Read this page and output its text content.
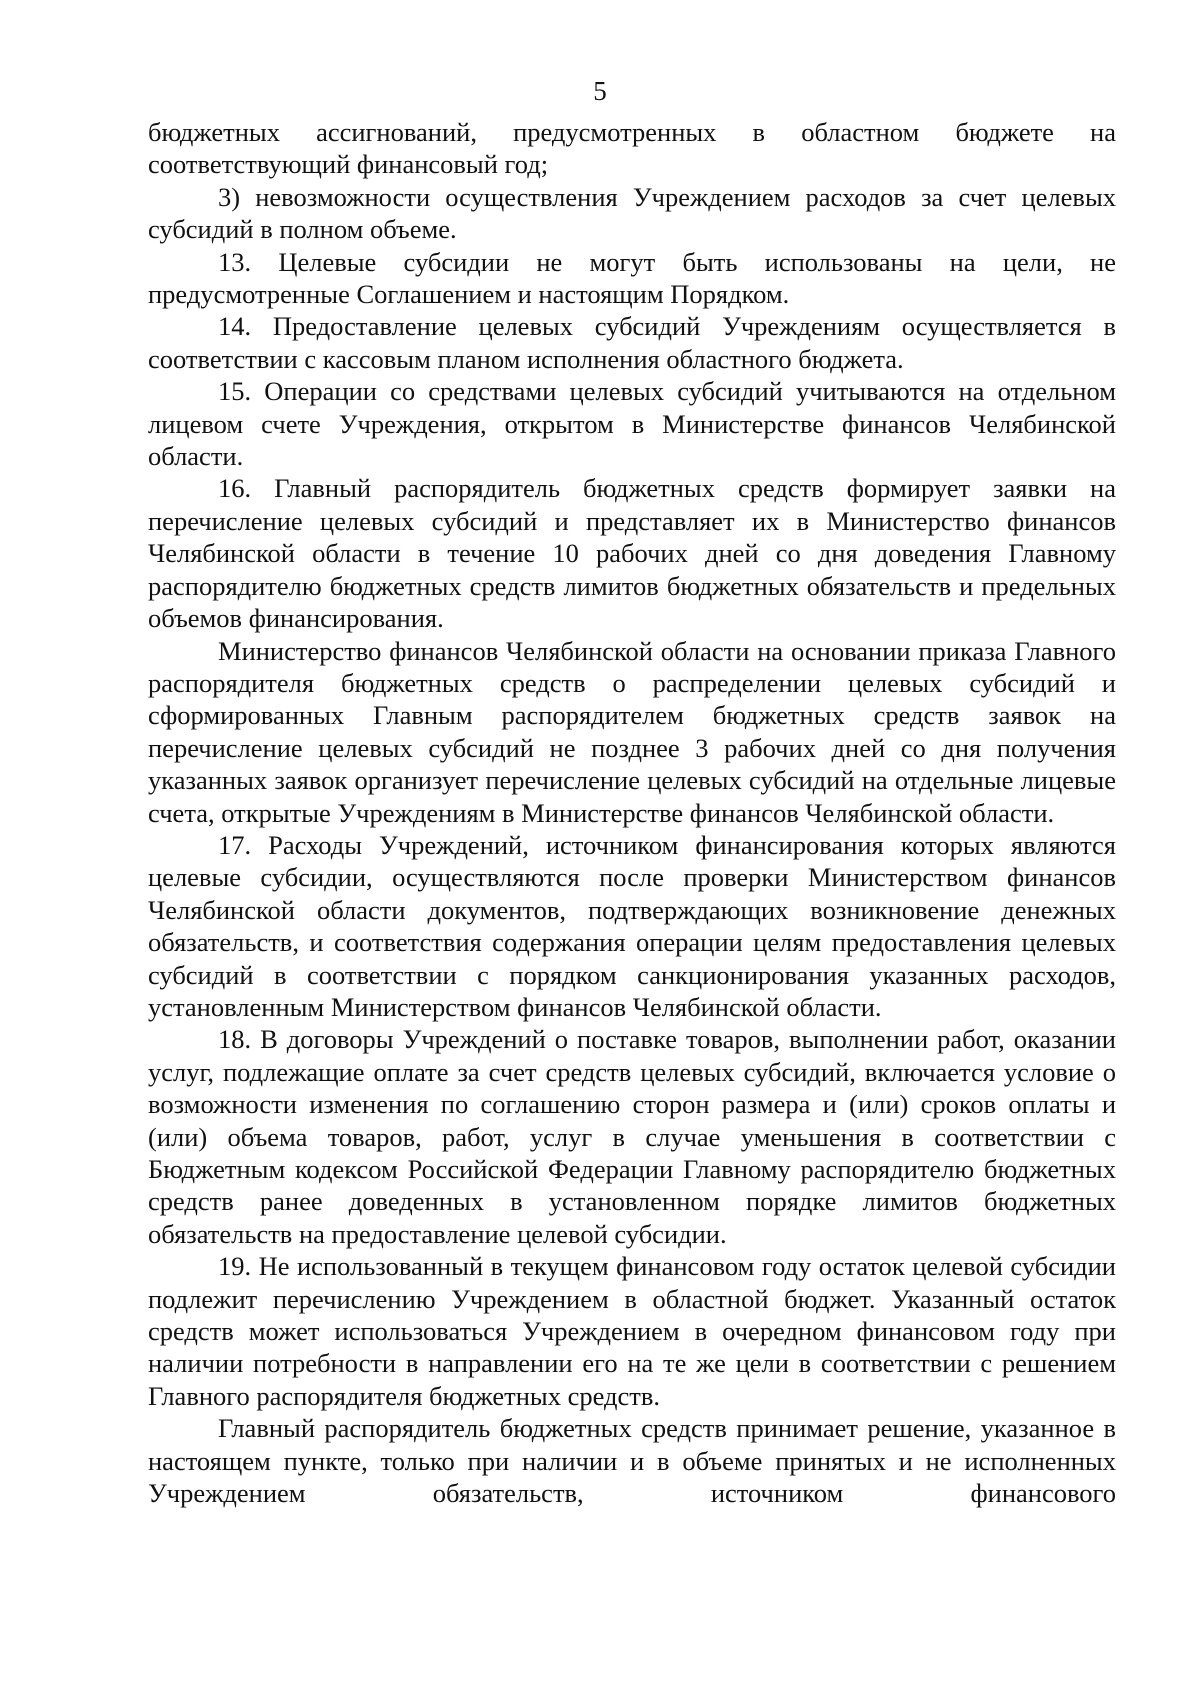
5

бюджетных ассигнований, предусмотренных в областном бюджете на соответствующий финансовый год;

3) невозможности осуществления Учреждением расходов за счет целевых субсидий в полном объеме.

13. Целевые субсидии не могут быть использованы на цели, не предусмотренные Соглашением и настоящим Порядком.

14. Предоставление целевых субсидий Учреждениям осуществляется в соответствии с кассовым планом исполнения областного бюджета.

15. Операции со средствами целевых субсидий учитываются на отдельном лицевом счете Учреждения, открытом в Министерстве финансов Челябинской области.

16. Главный распорядитель бюджетных средств формирует заявки на перечисление целевых субсидий и представляет их в Министерство финансов Челябинской области в течение 10 рабочих дней со дня доведения Главному распорядителю бюджетных средств лимитов бюджетных обязательств и предельных объемов финансирования.

Министерство финансов Челябинской области на основании приказа Главного распорядителя бюджетных средств о распределении целевых субсидий и сформированных Главным распорядителем бюджетных средств заявок на перечисление целевых субсидий не позднее 3 рабочих дней со дня получения указанных заявок организует перечисление целевых субсидий на отдельные лицевые счета, открытые Учреждениям в Министерстве финансов Челябинской области.

17. Расходы Учреждений, источником финансирования которых являются целевые субсидии, осуществляются после проверки Министерством финансов Челябинской области документов, подтверждающих возникновение денежных обязательств, и соответствия содержания операции целям предоставления целевых субсидий в соответствии с порядком санкционирования указанных расходов, установленным Министерством финансов Челябинской области.

18. В договоры Учреждений о поставке товаров, выполнении работ, оказании услуг, подлежащие оплате за счет средств целевых субсидий, включается условие о возможности изменения по соглашению сторон размера и (или) сроков оплаты и (или) объема товаров, работ, услуг в случае уменьшения в соответствии с Бюджетным кодексом Российской Федерации Главному распорядителю бюджетных средств ранее доведенных в установленном порядке лимитов бюджетных обязательств на предоставление целевой субсидии.

19. Не использованный в текущем финансовом году остаток целевой субсидии подлежит перечислению Учреждением в областной бюджет. Указанный остаток средств может использоваться Учреждением в очередном финансовом году при наличии потребности в направлении его на те же цели в соответствии с решением Главного распорядителя бюджетных средств.

Главный распорядитель бюджетных средств принимает решение, указанное в настоящем пункте, только при наличии и в объеме принятых и не исполненных Учреждением обязательств, источником финансового
